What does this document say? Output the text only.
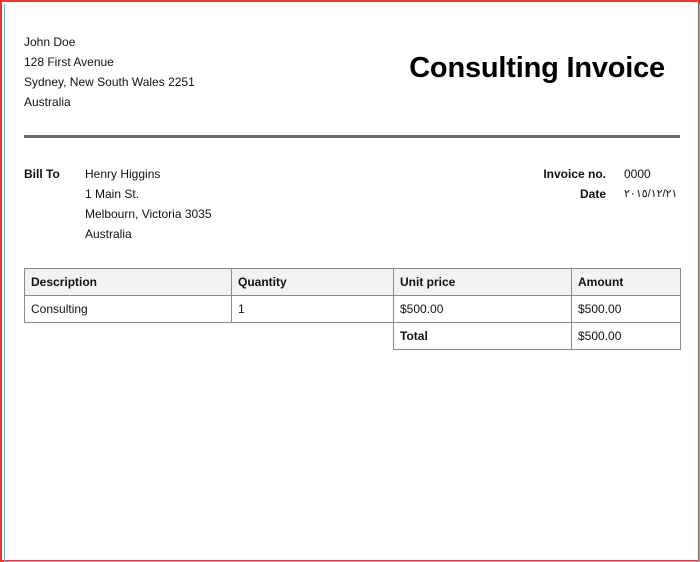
John Doe
128 First Avenue
Sydney, New South Wales 2251
Australia
Consulting Invoice
Bill To Henry Higgins
1 Main St.
Melbourn, Victoria 3035
Australia
Invoice no. 0000
Date ٢٠١٥/١٢/٢١
Description	Quantity	Unit price	Amount
Consulting	1	$500.00	$500.00
		Total	$500.00
